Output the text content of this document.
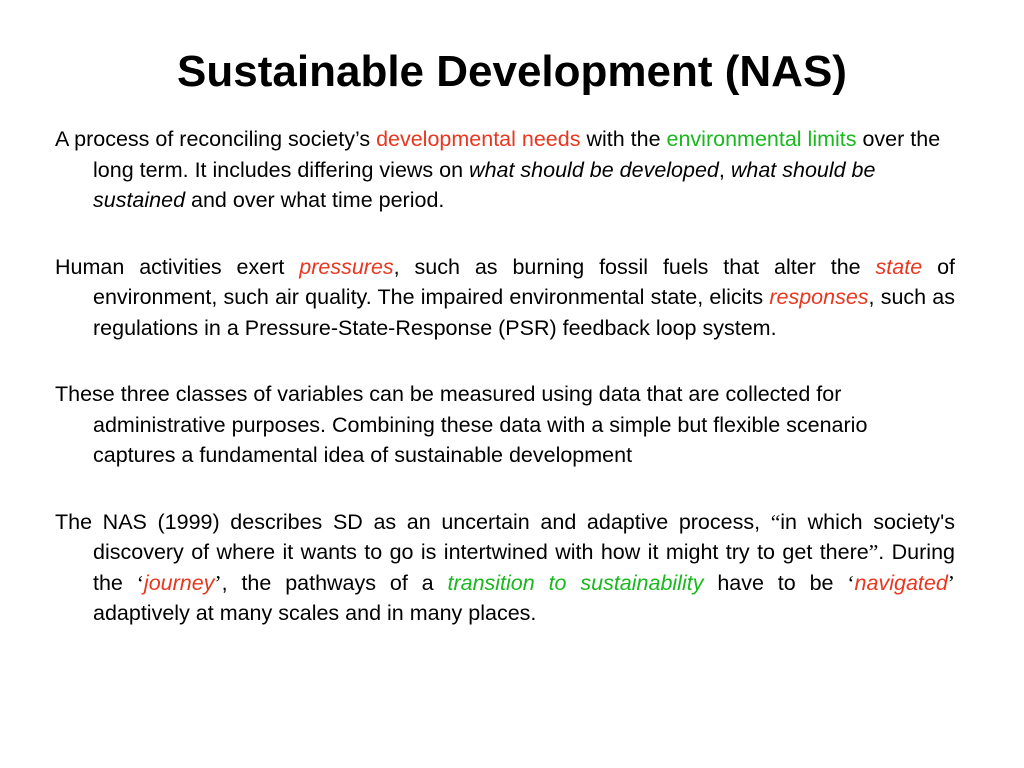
Sustainable Development (NAS)

A process of reconciling society’s developmental needs with the environmental limits over the long term. It includes differing views on what should be developed, what should be sustained and over what time period.

Human activities exert pressures, such as burning fossil fuels that alter the state of environment, such air quality. The impaired environmental state, elicits responses, such as regulations in a Pressure-State-Response (PSR) feedback loop system.

These three classes of variables can be measured using data that are collected for administrative purposes. Combining these data with a simple but flexible scenario captures a fundamental idea of sustainable development

The NAS (1999) describes SD as an uncertain and adaptive process, “in which society's discovery of where it wants to go is intertwined with how it might try to get there”. During the ‘journey’, the pathways of a transition to sustainability have to be ‘navigated’ adaptively at many scales and in many places.
